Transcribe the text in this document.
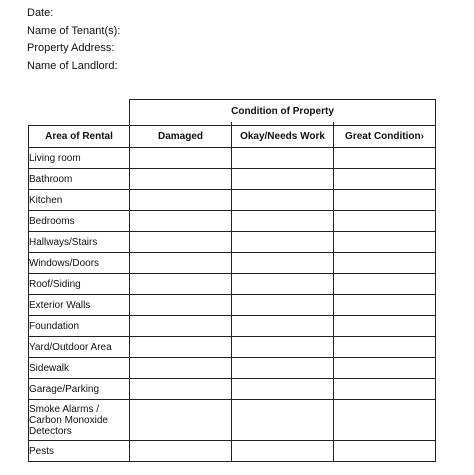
Date:
Name of Tenant(s):
Property Address:
Name of Landlord:
	Condition of Property		

Area of Rental	Damaged	Okay/Needs Work	Great Condition›
Living room			
Bathroom			
Kitchen			
Bedrooms			
Hallways/Stairs			
Windows/Doors			
Roof/Siding			
Exterior Walls			
Foundation			
Yard/Outdoor Area			
Sidewalk			
Garage/Parking			
Smoke Alarms / Carbon Monoxide Detectors			
Pests			
